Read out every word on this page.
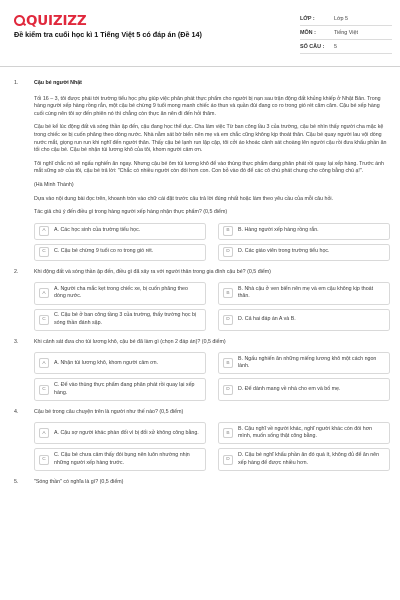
QUIZIZZ
Đề kiểm tra cuối học kì 1 Tiếng Việt 5 có đáp án (Đề 14)
LỚP :	Lớp 5
MÔN :	Tiếng Việt
SỐ CÂU :	5
1.	Cậu bé người Nhật
Tối 16 – 3, tôi được phái tới trường tiểu học phụ giúp việc phân phát thực phẩm cho người bị nạn sau trận động đất khủng khiếp ở Nhật Bản. Trong hàng người xếp hàng rồng rắn, một cậu bé chừng 9 tuổi mong manh chiếc áo thun và quần đùi đang co ro trong gió rét căm căm. Cậu bé xếp hàng cuối cùng nên tôi sợ đến phiên nó thì chẳng còn thực ăn nên đi đến hỏi thăm.
Cậu bé kể lúc động đất và sóng thần ập đến, cậu đang học thể dục. Cha làm việc Từ ban công lầu 3 của trường, cậu bé nhìn thấy người cha mặc kệ trong chiếc xe bị cuốn phăng theo dòng nước. Nhà nằm sát bờ biển nên mẹ và em chắc cũng không kịp thoát thân. Cậu bé quay người lau vội dòng nước mắt, giọng run run khi nghĩ đến người thân. Thấy cậu bé lạnh run lập cập, tôi cởi áo khoác cảnh sát choàng lên người cậu rồi đưa khẩu phần ăn tối cho cậu bé. Cậu bé nhận túi lương khô của tôi, khom người cảm ơn.
Tôi nghĩ chắc nó sẽ ngấu nghiến ăn ngay. Nhưng cậu bé ôm túi lương khô để vào thùng thực phẩm đang phân phát rồi quay lại xếp hàng. Trước ánh mắt sững sờ của tôi, cậu bé trả lời: "Chắc có nhiều người còn đói hơn con. Con bỏ vào đó để các cô chú phát chung cho công bằng chú ạ!".
(Hà Minh Thành)
Dựa vào nội dung bài đọc trên, khoanh tròn vào chữ cái đặt trước câu trả lời đúng nhất hoặc làm theo yêu cầu của mỗi câu hỏi.
Tác giả chú ý đến điều gì trong hàng người xếp hàng nhận thực phẩm? (0,5 điểm)
A	A. Các học sinh của trường tiểu học.	B	B. Hàng người xếp hàng rồng rắn.
C	C. Cậu bé chừng 9 tuổi co ro trong gió rét.	D	D. Các giáo viên trong trường tiểu học.
2.	Khi động đất và sóng thần ập đến, điều gì đã xảy ra với người thân trong gia đình cậu bé? (0,5 điểm)
A
A. Người cha mắc kẹt trong chiếc xe, bị cuốn phăng theo dòng nước.
B
B. Nhà cậu ở ven biển nên mẹ và em cậu không kịp thoát thân.
C
C. Cậu bé ở ban công tầng 3 của trường, thấy trường học bị sóng thần đánh sập.
D	D. Cả hai đáp án A và B.
3.	Khi cảnh sát đưa cho túi lương khô, cậu bé đã làm gì (chọn 2 đáp án)? (0,5 điểm)
A	A. Nhận túi lương khô, khom người cảm ơn.	B
B. Ngấu nghiến ăn những miếng lương khô một cách ngon lành.
C
C. Để vào thùng thực phẩm đang phân phát rồi quay lại xếp hàng.
D	D. Để dành mang về nhà cho em và bố mẹ.
4.	Cậu bé trong câu chuyện trên là người như thế nào? (0,5 điểm)
A	A. Cậu sợ người khác phàn đối vì bị đối xử không công bằng.	B
B. Cậu nghĩ về người khác, nghĩ người khác còn đói hơn mình, muốn sống thật công bằng.
C
C. Cậu bé chưa cảm thấy đói bụng nên luôn nhường nhịn những người xếp hàng trước.
D
D. Cậu bé nghĩ khẩu phần ăn đó quá ít, không đủ để ăn nên xếp hàng để được nhiều hơn.
5.	"Sóng thần" có nghĩa là gì? (0,5 điểm)
